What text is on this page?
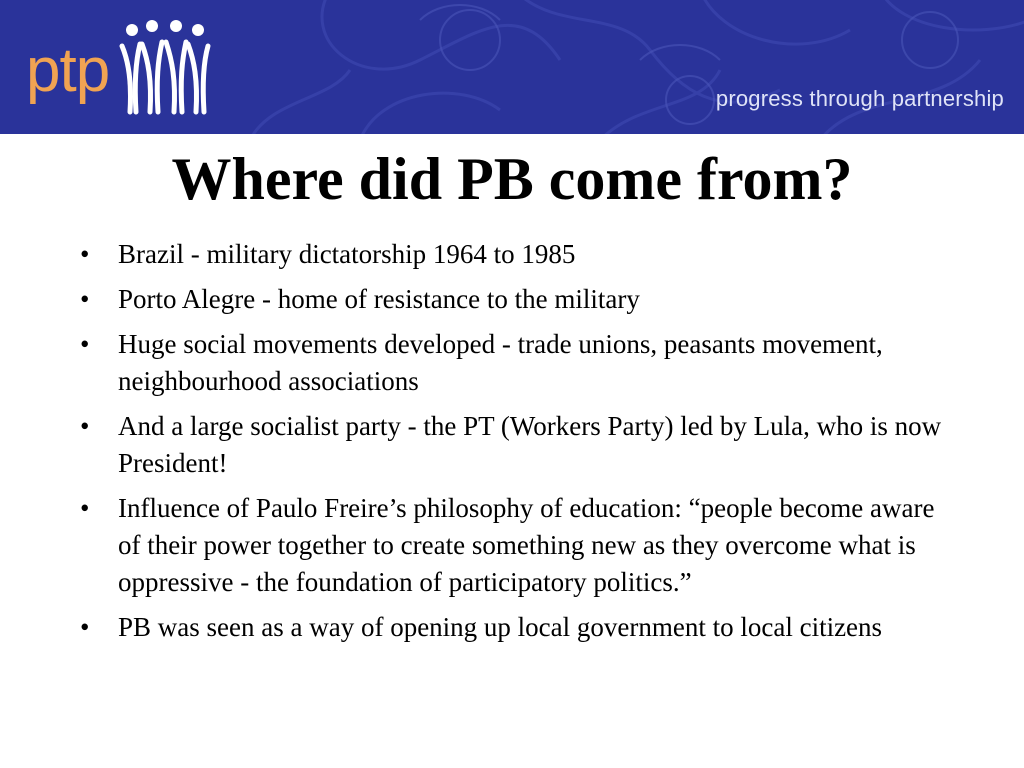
ptp	progress through partnership
Where did PB come from?
• Brazil - military dictatorship 1964 to 1985
• Porto Alegre - home of resistance to the military
• Huge social movements developed - trade unions, peasants movement, neighbourhood associations
• And a large socialist party - the PT (Workers Party) led by Lula, who is now President!
• Influence of Paulo Freire’s philosophy of education: “people become aware of their power together to create something new as they overcome what is oppressive - the foundation of participatory politics.”
• PB was seen as a way of opening up local government to local citizens
